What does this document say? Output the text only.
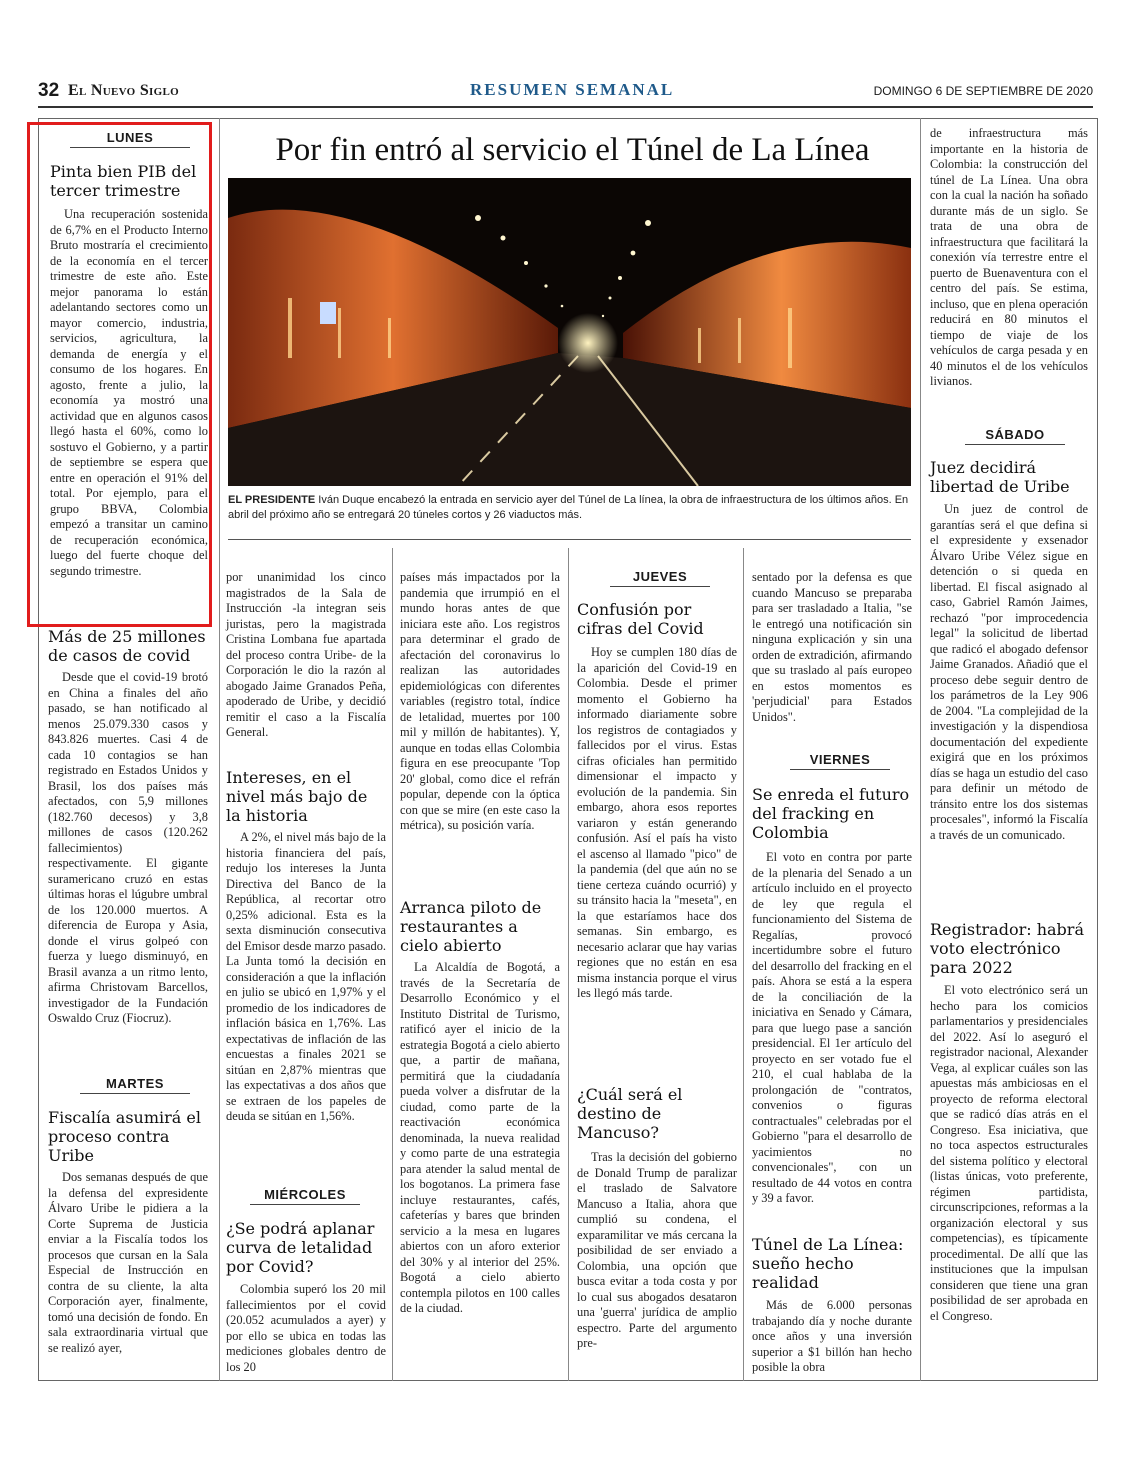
32 El Nuevo Siglo	RESUMEN SEMANAL	DOMINGO 6 DE SEPTIEMBRE DE 2020
LUNES
Pinta bien PIB del tercer trimestre
Una recuperación sostenida de 6,7% en el Producto Interno Bruto mostraría el crecimiento de la economía en el tercer trimestre de este año. Este mejor panorama lo están adelantando sectores como un mayor comercio, industria, servicios, agricultura, la demanda de energía y el consumo de los hogares. En agosto, frente a julio, la economía ya mostró una actividad que en algunos casos llegó hasta el 60%, como lo sostuvo el Gobierno, y a partir de septiembre se espera que entre en operación el 91% del total. Por ejemplo, para el grupo BBVA, Colombia empezó a transitar un camino de recuperación económica, luego del fuerte choque del segundo trimestre.
Más de 25 millones de casos de covid
Desde que el covid-19 brotó en China a finales del año pasado, se han notificado al menos 25.079.330 casos y 843.826 muertes. Casi 4 de cada 10 contagios se han registrado en Estados Unidos y Brasil, los dos países más afectados, con 5,9 millones (182.760 decesos) y 3,8 millones de casos (120.262 fallecimientos) respectivamente. El gigante suramericano cruzó en estas últimas horas el lúgubre umbral de los 120.000 muertos. A diferencia de Europa y Asia, donde el virus golpeó con fuerza y luego disminuyó, en Brasil avanza a un ritmo lento, afirma Christovam Barcellos, investigador de la Fundación Oswaldo Cruz (Fiocruz).
MARTES
Fiscalía asumirá el proceso contra Uribe
Dos semanas después de que la defensa del expresidente Álvaro Uribe le pidiera a la Corte Suprema de Justicia enviar a la Fiscalía todos los procesos que cursan en la Sala Especial de Instrucción en contra de su cliente, la alta Corporación ayer, finalmente, tomó una decisión de fondo. En sala extraordinaria virtual que se realizó ayer,
Por fin entró al servicio el Túnel de La Línea
EL PRESIDENTE Iván Duque encabezó la entrada en servicio ayer del Túnel de La línea, la obra de infraestructura de los últimos años. En abril del próximo año se entregará 20 túneles cortos y 26 viaductos más.
por unanimidad los cinco magistrados de la Sala de Instrucción -la integran seis juristas, pero la magistrada Cristina Lombana fue apartada del proceso contra Uribe- de la Corporación le dio la razón al abogado Jaime Granados Peña, apoderado de Uribe, y decidió remitir el caso a la Fiscalía General.
Intereses, en el nivel más bajo de la historia
A 2%, el nivel más bajo de la historia financiera del país, redujo los intereses la Junta Directiva del Banco de la República, al recortar otro 0,25% adicional. Esta es la sexta disminución consecutiva del Emisor desde marzo pasado. La Junta tomó la decisión en consideración a que la inflación en julio se ubicó en 1,97% y el promedio de los indicadores de inflación básica en 1,76%. Las expectativas de inflación de las encuestas a finales 2021 se sitúan en 2,87% mientras que las expectativas a dos años que se extraen de los papeles de deuda se sitúan en 1,56%.
MIÉRCOLES
¿Se podrá aplanar curva de letalidad por Covid?
Colombia superó los 20 mil fallecimientos por el covid (20.052 acumulados a ayer) y por ello se ubica en todas las mediciones globales dentro de los 20
países más impactados por la pandemia que irrumpió en el mundo horas antes de que iniciara este año. Los registros para determinar el grado de afectación del coronavirus lo realizan las autoridades epidemiológicas con diferentes variables (registro total, índice de letalidad, muertes por 100 mil y millón de habitantes). Y, aunque en todas ellas Colombia figura en ese preocupante 'Top 20' global, como dice el refrán popular, depende con la óptica con que se mire (en este caso la métrica), su posición varía.
Arranca piloto de restaurantes a cielo abierto
La Alcaldía de Bogotá, a través de la Secretaría de Desarrollo Económico y el Instituto Distrital de Turismo, ratificó ayer el inicio de la estrategia Bogotá a cielo abierto que, a partir de mañana, permitirá que la ciudadanía pueda volver a disfrutar de la ciudad, como parte de la reactivación económica denominada, la nueva realidad y como parte de una estrategia para atender la salud mental de los bogotanos. La primera fase incluye restaurantes, cafés, cafeterías y bares que brinden servicio a la mesa en lugares abiertos con un aforo exterior del 30% y al interior del 25%. Bogotá a cielo abierto contempla pilotos en 100 calles de la ciudad.
JUEVES
Confusión por cifras del Covid
Hoy se cumplen 180 días de la aparición del Covid-19 en Colombia. Desde el primer momento el Gobierno ha informado diariamente sobre los registros de contagiados y fallecidos por el virus. Estas cifras oficiales han permitido dimensionar el impacto y evolución de la pandemia. Sin embargo, ahora esos reportes variaron y están generando confusión. Así el país ha visto el ascenso al llamado "pico" de la pandemia (del que aún no se tiene certeza cuándo ocurrió) y su tránsito hacia la "meseta", en la que estaríamos hace dos semanas. Sin embargo, es necesario aclarar que hay varias regiones que no están en esa misma instancia porque el virus les llegó más tarde.
¿Cuál será el destino de Mancuso?
Tras la decisión del gobierno de Donald Trump de paralizar el traslado de Salvatore Mancuso a Italia, ahora que cumplió su condena, el exparamilitar ve más cercana la posibilidad de ser enviado a Colombia, una opción que busca evitar a toda costa y por lo cual sus abogados desataron una 'guerra' jurídica de amplio espectro. Parte del argumento pre-
sentado por la defensa es que cuando Mancuso se preparaba para ser trasladado a Italia, "se le entregó una notificación sin ninguna explicación y sin una orden de extradición, afirmando que su traslado al país europeo en estos momentos es 'perjudicial' para Estados Unidos".
VIERNES
Se enreda el futuro del fracking en Colombia
El voto en contra por parte de la plenaria del Senado a un artículo incluido en el proyecto de ley que regula el funcionamiento del Sistema de Regalías, provocó incertidumbre sobre el futuro del desarrollo del fracking en el país. Ahora se está a la espera de la conciliación de la iniciativa en Senado y Cámara, para que luego pase a sanción presidencial. El 1er artículo del proyecto en ser votado fue el 210, el cual hablaba de la prolongación de "contratos, convenios o figuras contractuales" celebradas por el Gobierno "para el desarrollo de yacimientos no convencionales", con un resultado de 44 votos en contra y 39 a favor.
Túnel de La Línea: sueño hecho realidad
Más de 6.000 personas trabajando día y noche durante once años y una inversión superior a $1 billón han hecho posible la obra
de infraestructura más importante en la historia de Colombia: la construcción del túnel de La Línea. Una obra con la cual la nación ha soñado durante más de un siglo. Se trata de una obra de infraestructura que facilitará la conexión vía terrestre entre el puerto de Buenaventura con el centro del país. Se estima, incluso, que en plena operación reducirá en 80 minutos el tiempo de viaje de los vehículos de carga pesada y en 40 minutos el de los vehículos livianos.
SÁBADO
Juez decidirá libertad de Uribe
Un juez de control de garantías será el que defina si el expresidente y exsenador Álvaro Uribe Vélez sigue en detención o si queda en libertad. El fiscal asignado al caso, Gabriel Ramón Jaimes, rechazó "por improcedencia legal" la solicitud de libertad que radicó el abogado defensor Jaime Granados. Añadió que el proceso debe seguir dentro de los parámetros de la Ley 906 de 2004. "La complejidad de la investigación y la dispendiosa documentación del expediente exigirá que en los próximos días se haga un estudio del caso para definir un método de tránsito entre los dos sistemas procesales", informó la Fiscalía a través de un comunicado.
Registrador: habrá voto electrónico para 2022
El voto electrónico será un hecho para los comicios parlamentarios y presidenciales del 2022. Así lo aseguró el registrador nacional, Alexander Vega, al explicar cuáles son las apuestas más ambiciosas en el proyecto de reforma electoral que se radicó días atrás en el Congreso. Esa iniciativa, que no toca aspectos estructurales del sistema político y electoral (listas únicas, voto preferente, régimen partidista, circunscripciones, reformas a la organización electoral y sus competencias), es típicamente procedimental. De allí que las instituciones que la impulsan consideren que tiene una gran posibilidad de ser aprobada en el Congreso.
